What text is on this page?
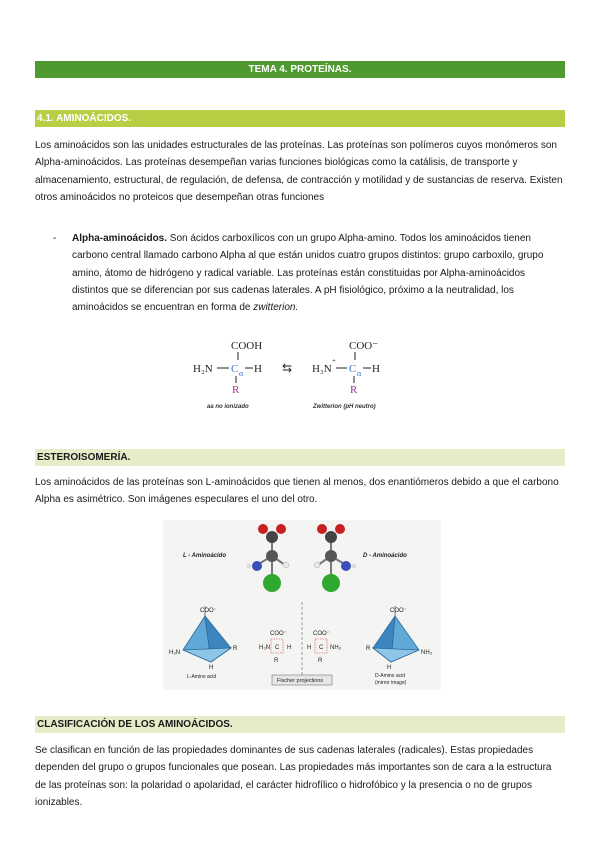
TEMA 4. PROTEÍNAS.
4.1. AMINOÁCIDOS.

Los aminoácidos son las unidades estructurales de las proteínas. Las proteínas son polímeros cuyos monómeros son Alpha-aminoácidos. Las proteínas desempeñan varias funciones biológicas como la catálisis, de transporte y almacenamiento, estructural, de regulación, de defensa, de contracción y motilidad y de sustancias de reserva. Existen otros aminoácidos no proteicos que desempeñan otras funciones

- Alpha-aminoácidos. Son ácidos carboxílicos con un grupo Alpha-amino. Todos los aminoácidos tienen carbono central llamado carbono Alpha al que están unidos cuatro grupos distintos: grupo carboxilo, grupo amino, átomo de hidrógeno y radical variable. Las proteínas están constituidas por Alpha-aminoácidos distintos que se diferencian por sus cadenas laterales. A pH fisiológico, próximo a la neutralidad, los aminoácidos se encuentran en forma de zwitterion.

COOH
H₂N C α H
R
⇆
COO⁻
H₃N
+
C α H
R
aa no ionizado	Zwitterion (pH neutro)
ESTEROISOMERÍA.

Los aminoácidos de las proteínas son L-aminoácidos que tienen al menos, dos enantiómeros debido a que el carbono Alpha es asimétrico. Son imágenes especulares el uno del otro.

L - Aminoácido	D - Aminoácido
COO⁻
H₃N
R
H
L-Amino acid
COO⁻
C
H₃N	H
R
COO⁻
C
H	NH₃
R
COO⁻
NH₃
R
H
D-Amino acid
(mirror image)
Fischer projections
CLASIFICACIÓN DE LOS AMINOÁCIDOS.

Se clasifican en función de las propiedades dominantes de sus cadenas laterales (radicales). Estas propiedades dependen del grupo o grupos funcionales que posean. Las propiedades más importantes son de cara a la estructura de las proteínas son: la polaridad o apolaridad, el carácter hidrofílico o hidrofóbico y la presencia o no de grupos ionizables.
